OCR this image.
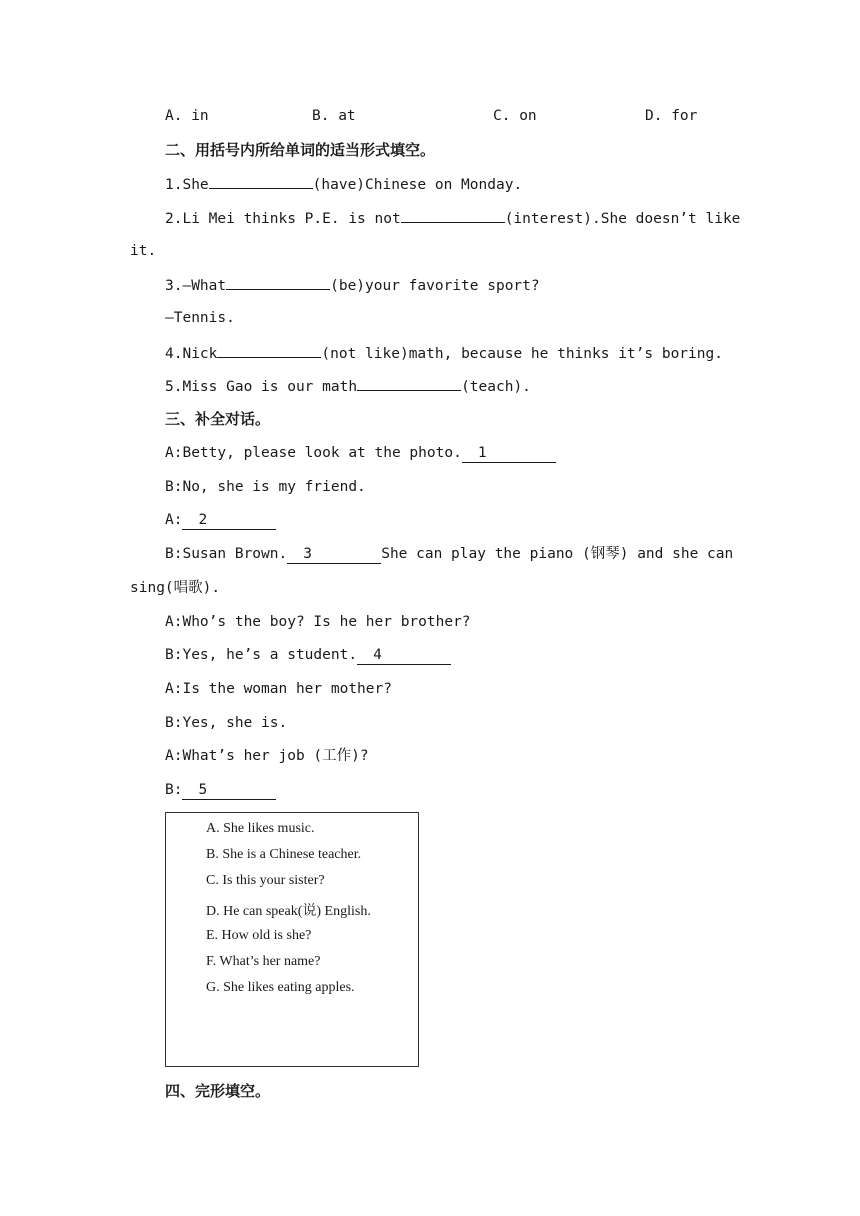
A. in	B. at	C. on	D. for
二、用括号内所给单词的适当形式填空。
1.She	(have)Chinese on Monday.
2.Li Mei thinks P.E. is not	(interest).She doesn’t like
it.
3.—What	(be)your favorite sport?
—Tennis.
4.Nick	(not like)math, because he thinks it’s boring.
5.Miss Gao is our math	(teach).
三、补全对话。
A:Betty, please look at the photo. 1
B:No, she is my friend.
A: 2
B:Susan Brown. 3	She can play the piano (钢琴) and she can
sing(唱歌).
A:Who’s the boy? Is he her brother?
B:Yes, he’s a student. 4
A:Is the woman her mother?
B:Yes, she is.
A:What’s her job (工作)?
B: 5
A. She likes music.
B. She is a Chinese teacher.
C. Is this your sister?
D. He can speak(说) English.
E. How old is she?
F. What’s her name?
G. She likes eating apples.
四、完形填空。
